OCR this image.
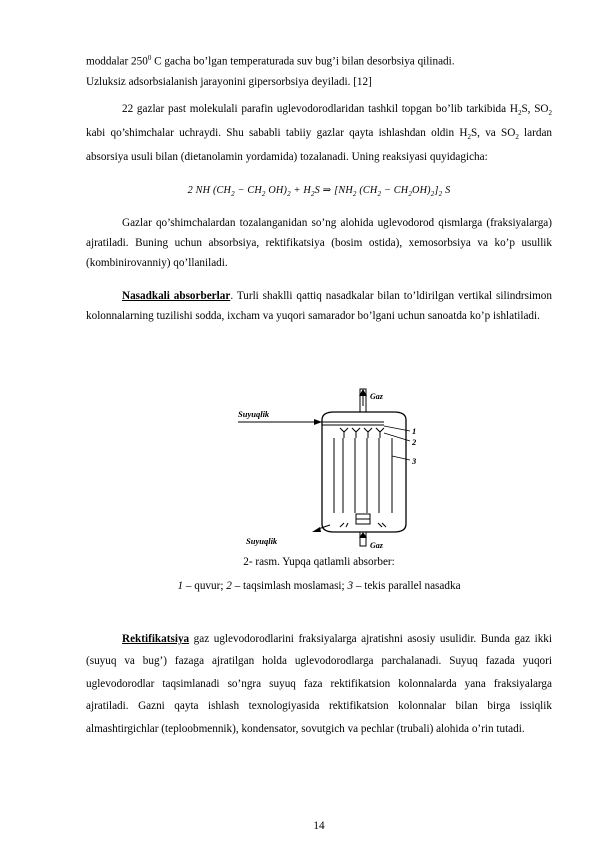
moddalar $250^0$ C gacha bo’lgan temperaturada suv bug’i bilan desorbsiya qilinadi.
Uzluksiz adsorbsialanish jarayonini gipersorbsiya deyiladi. [12]
22 gazlar past molekulali parafin uglevodorodlaridan tashkil topgan bo’lib tarkibida $H_2S$, $SO_2$ kabi qo’shimchalar uchraydi. Shu sababli tabiiy gazlar qayta ishlashdan oldin $H_2S$, va $SO_2$ lardan absorsiya usuli bilan (dietanolamin yordamida) tozalanadi. Uning reaksiyasi quyidagicha:
2 NH ($CH_2 - CH_2$ $OH)_2 + H_2S$ ⇒ [$NH_2$ $(CH_2 - CH_2OH)_2]_2$ S
Gazlar qo’shimchalardan tozalanganidan so’ng alohida uglevodorod qismlarga (fraksiyalarga) ajratiladi. Buning uchun absorbsiya, rektifikatsiya (bosim ostida), xemosorbsiya va ko’p usullik (kombinirovanniy) qo’llaniladi.
Nasadkali absorberlar. Turli shaklli qattiq nasadkalar bilan to’ldirilgan vertikal silindrsimon kolonnalarning tuzilishi sodda, ixcham va yuqori samarador bo’lgani uchun sanoatda ko’p ishlatiladi.
Gaz
Suyuqlik
1
2
3
Suyuqlik	Gaz
2- rasm. Yupqa qatlamli absorber:
1 – quvur; 2 – taqsimlash moslamasi; 3 – tekis parallel nasadka
Rektifikatsiya gaz uglevodorodlarini fraksiyalarga ajratishni asosiy usulidir. Bunda gaz ikki (suyuq va bug’) fazaga ajratilgan holda uglevodorodlarga parchalanadi. Suyuq fazada yuqori uglevodorodlar taqsimlanadi so’ngra suyuq faza rektifikatsion kolonnalarda yana fraksiyalarga ajratiladi. Gazni qayta ishlash texnologiyasida rektifikatsion kolonnalar bilan birga issiqlik almashtirgichlar (teploobmennik), kondensator, sovutgich va pechlar (trubali) alohida o’rin tutadi.
14
